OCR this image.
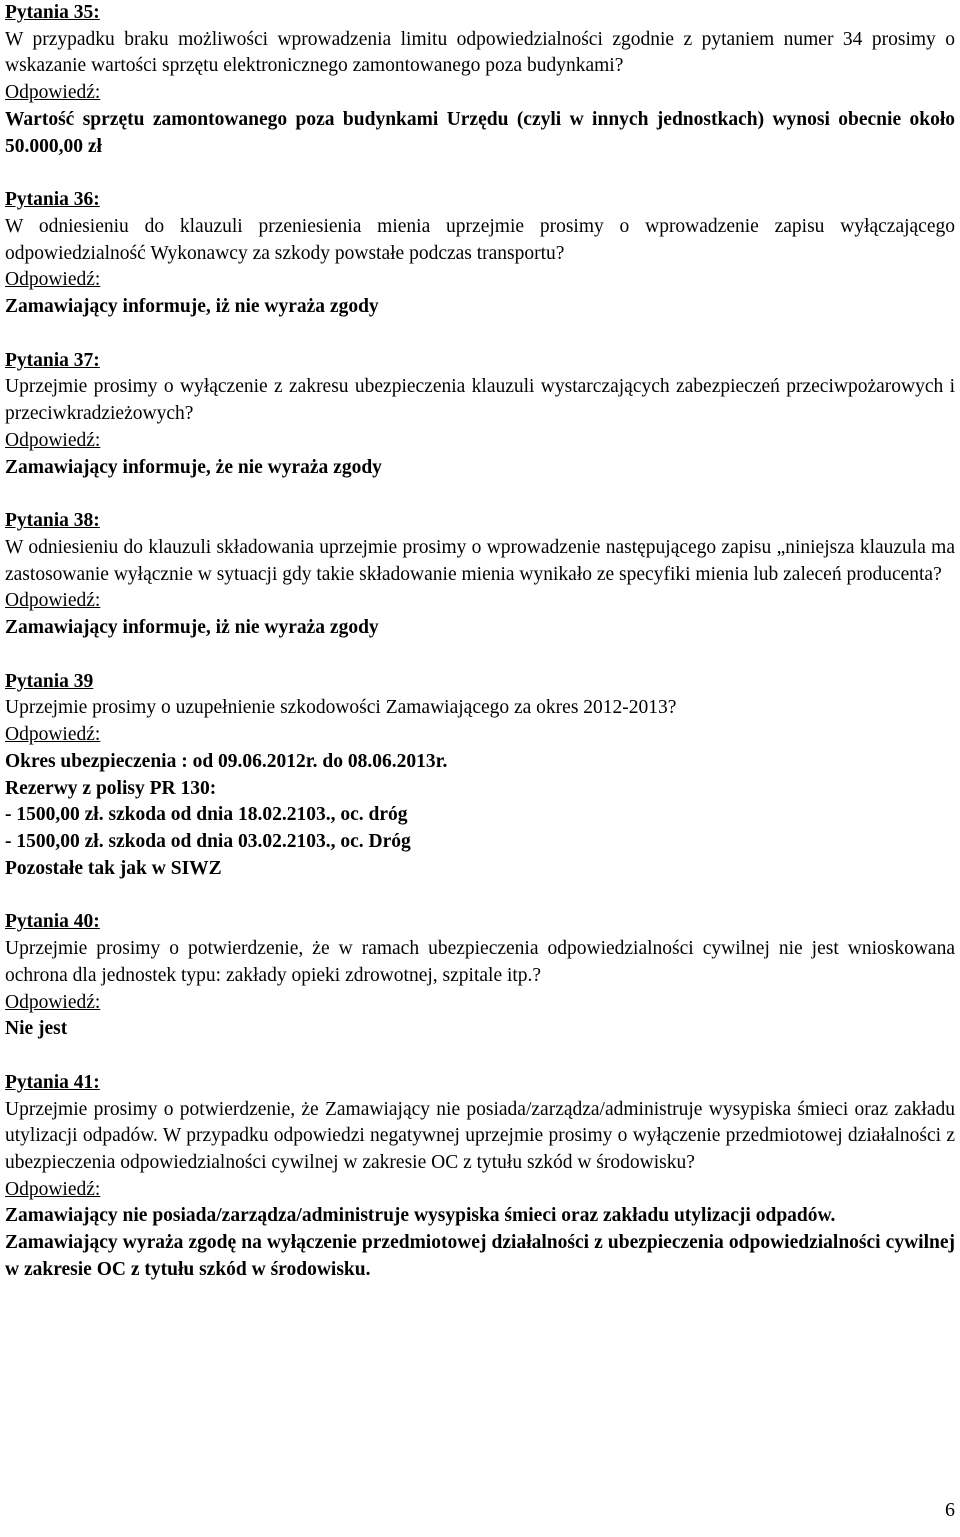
Pytania 35:
W przypadku braku możliwości wprowadzenia limitu odpowiedzialności zgodnie z pytaniem numer 34 prosimy o wskazanie wartości sprzętu elektronicznego zamontowanego poza budynkami?
Odpowiedź:
Wartość sprzętu zamontowanego poza budynkami Urzędu (czyli w innych jednostkach) wynosi obecnie około 50.000,00 zł
Pytania 36:
W odniesieniu do klauzuli przeniesienia mienia uprzejmie prosimy o wprowadzenie zapisu wyłączającego odpowiedzialność Wykonawcy za szkody powstałe podczas transportu?
Odpowiedź:
Zamawiający informuje, iż nie wyraża zgody
Pytania 37:
Uprzejmie prosimy o wyłączenie z zakresu ubezpieczenia klauzuli wystarczających zabezpieczeń przeciwpożarowych i przeciwkradzieżowych?
Odpowiedź:
Zamawiający informuje, że nie wyraża zgody
Pytania 38:
W odniesieniu do klauzuli składowania uprzejmie prosimy o wprowadzenie następującego zapisu „niniejsza klauzula ma zastosowanie wyłącznie w sytuacji gdy takie składowanie mienia wynikało ze specyfiki mienia lub zaleceń producenta?
Odpowiedź:
Zamawiający informuje, iż nie wyraża zgody
Pytania 39
Uprzejmie prosimy o uzupełnienie szkodowości Zamawiającego za okres 2012-2013?
Odpowiedź:
Okres ubezpieczenia : od 09.06.2012r. do 08.06.2013r.
Rezerwy z polisy PR 130:
- 1500,00 zł. szkoda od dnia 18.02.2103., oc. dróg
- 1500,00 zł. szkoda od dnia 03.02.2103., oc. Dróg
Pozostałe tak jak w SIWZ
Pytania 40:
Uprzejmie prosimy o potwierdzenie, że w ramach ubezpieczenia odpowiedzialności cywilnej nie jest wnioskowana ochrona dla jednostek typu: zakłady opieki zdrowotnej, szpitale itp.?
Odpowiedź:
Nie jest
Pytania 41:
Uprzejmie prosimy o potwierdzenie, że Zamawiający nie posiada/zarządza/administruje wysypiska śmieci oraz zakładu utylizacji odpadów. W przypadku odpowiedzi negatywnej uprzejmie prosimy o wyłączenie przedmiotowej działalności z ubezpieczenia odpowiedzialności cywilnej w zakresie OC z tytułu szkód w środowisku?
Odpowiedź:
Zamawiający nie posiada/zarządza/administruje wysypiska śmieci oraz zakładu utylizacji odpadów.
Zamawiający wyraża zgodę na wyłączenie przedmiotowej działalności z ubezpieczenia odpowiedzialności cywilnej w zakresie OC z tytułu szkód w środowisku.
6
